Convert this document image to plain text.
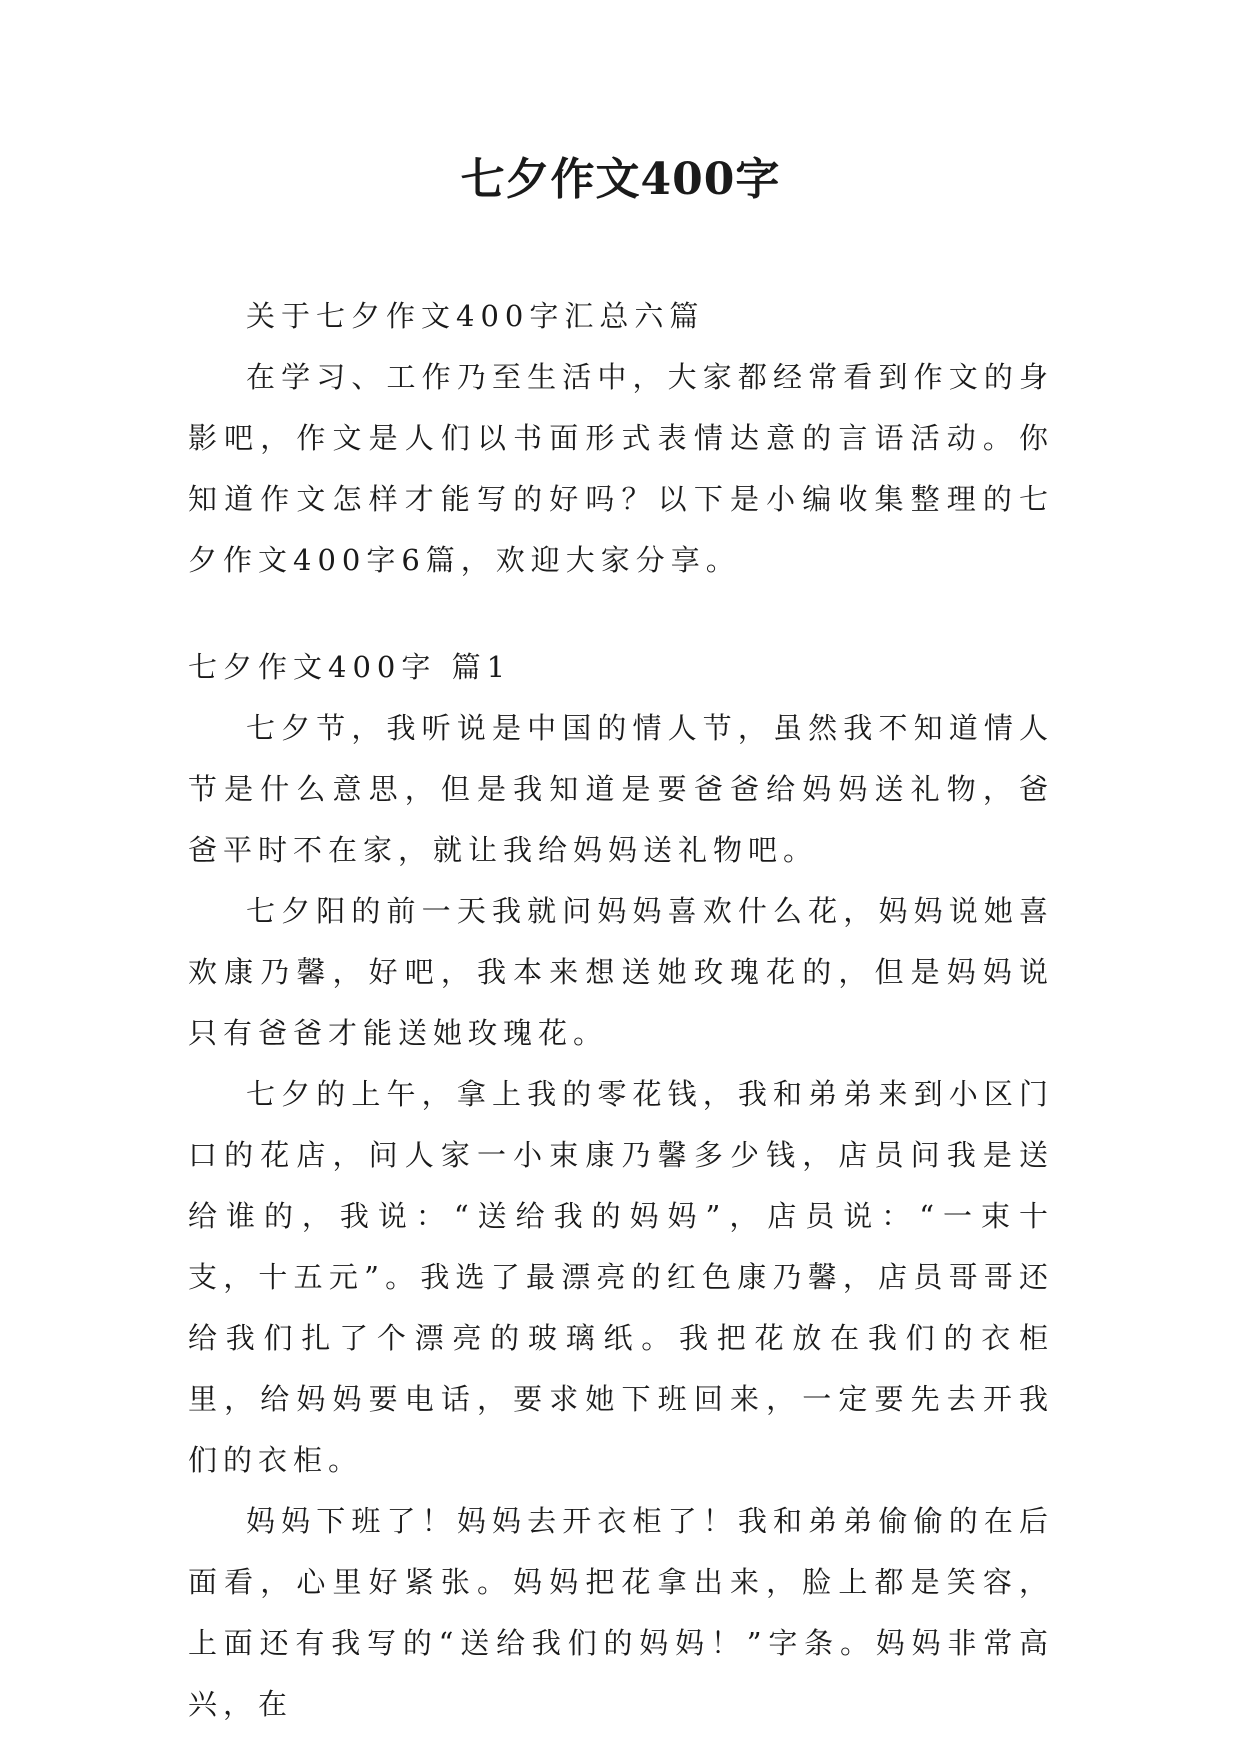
七夕作文400字

关于七夕作文400字汇总六篇

在学习、工作乃至生活中，大家都经常看到作文的身影吧，作文是人们以书面形式表情达意的言语活动。你知道作文怎样才能写的好吗？以下是小编收集整理的七夕作文400字6篇，欢迎大家分享。

七夕作文400字 篇1

七夕节，我听说是中国的情人节，虽然我不知道情人节是什么意思，但是我知道是要爸爸给妈妈送礼物，爸爸平时不在家，就让我给妈妈送礼物吧。

七夕阳的前一天我就问妈妈喜欢什么花，妈妈说她喜欢康乃馨，好吧，我本来想送她玫瑰花的，但是妈妈说只有爸爸才能送她玫瑰花。

七夕的上午，拿上我的零花钱，我和弟弟来到小区门口的花店，问人家一小束康乃馨多少钱，店员问我是送给谁的，我说：“送给我的妈妈”，店员说：“一束十支，十五元”。我选了最漂亮的红色康乃馨，店员哥哥还给我们扎了个漂亮的玻璃纸。我把花放在我们的衣柜里，给妈妈要电话，要求她下班回来，一定要先去开我们的衣柜。

妈妈下班了！妈妈去开衣柜了！我和弟弟偷偷的在后面看，心里好紧张。妈妈把花拿出来，脸上都是笑容，上面还有我写的“送给我们的妈妈！”字条。妈妈非常高兴，在
